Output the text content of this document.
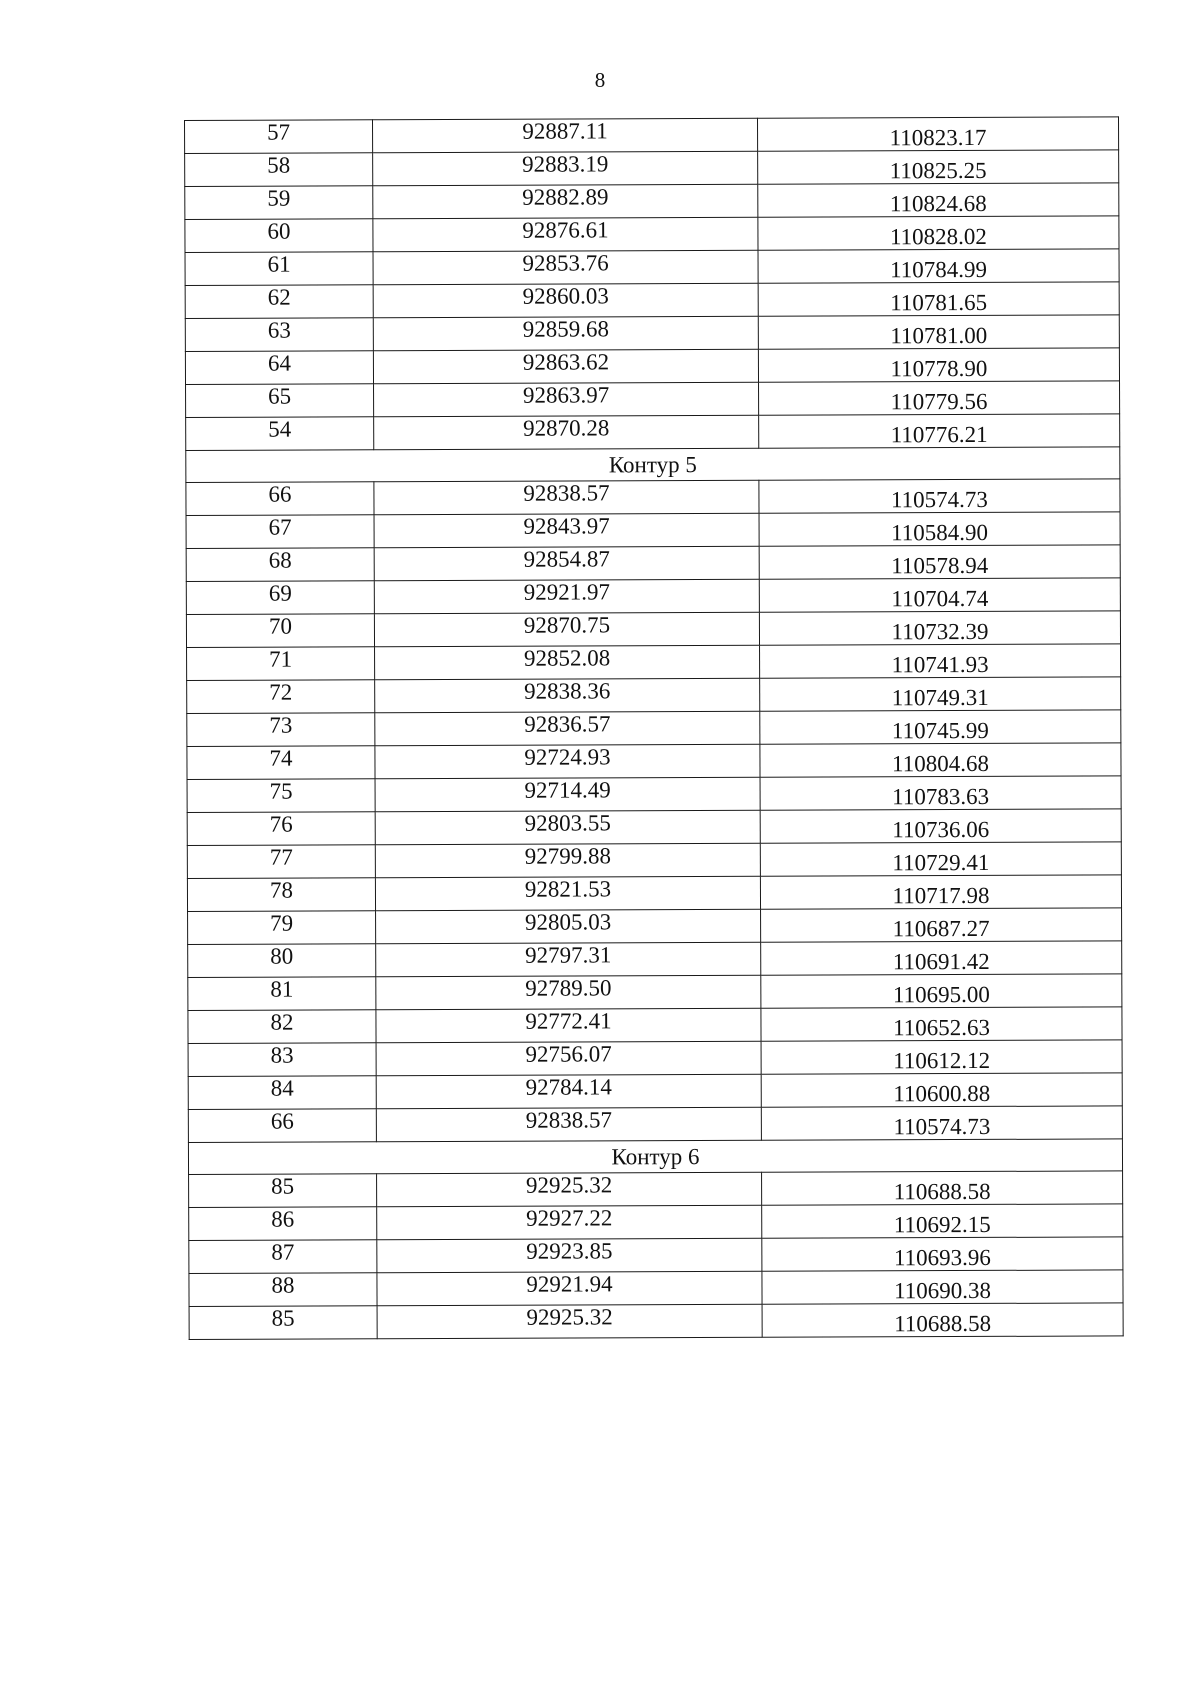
8
57	92887.11	110823.17
58	92883.19	110825.25
59	92882.89	110824.68
60	92876.61	110828.02
61	92853.76	110784.99
62	92860.03	110781.65
63	92859.68	110781.00
64	92863.62	110778.90
65	92863.97	110779.56
54	92870.28	110776.21
Контур 5		
66	92838.57	110574.73
67	92843.97	110584.90
68	92854.87	110578.94
69	92921.97	110704.74
70	92870.75	110732.39
71	92852.08	110741.93
72	92838.36	110749.31
73	92836.57	110745.99
74	92724.93	110804.68
75	92714.49	110783.63
76	92803.55	110736.06
77	92799.88	110729.41
78	92821.53	110717.98
79	92805.03	110687.27
80	92797.31	110691.42
81	92789.50	110695.00
82	92772.41	110652.63
83	92756.07	110612.12
84	92784.14	110600.88
66	92838.57	110574.73
Контур 6		
85	92925.32	110688.58
86	92927.22	110692.15
87	92923.85	110693.96
88	92921.94	110690.38
85	92925.32	110688.58
